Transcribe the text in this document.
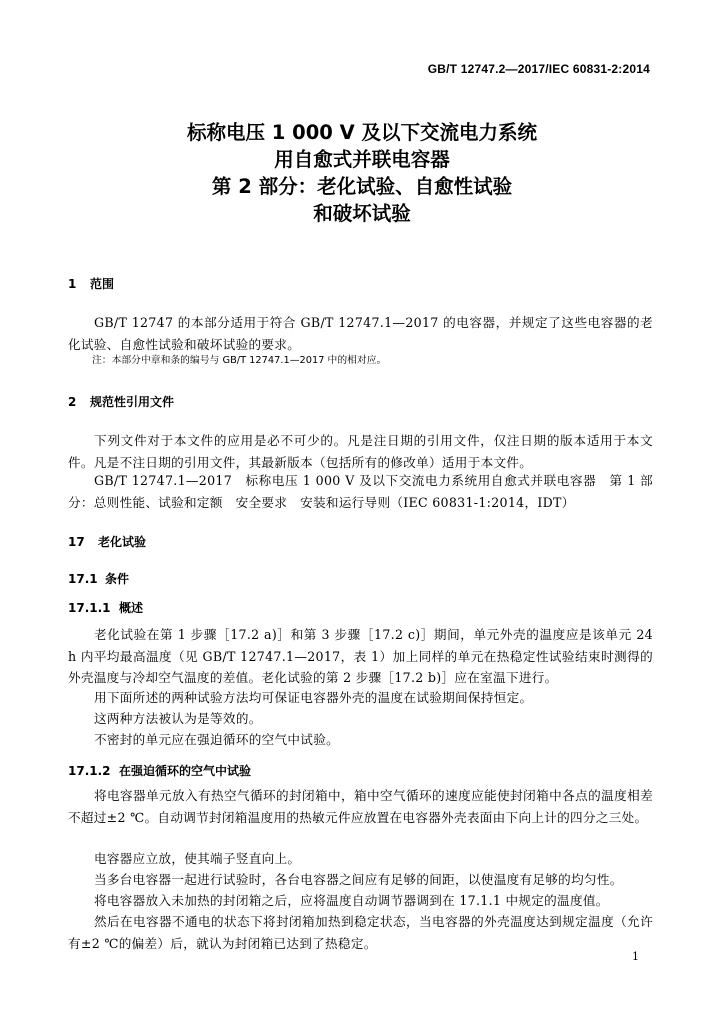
GB/T 12747.2—2017/IEC 60831-2:2014
标称电压 1 000 V 及以下交流电力系统
用自愈式并联电容器
第 2 部分：老化试验、自愈性试验
和破坏试验
1 范围

GB/T 12747 的本部分适用于符合 GB/T 12747.1—2017 的电容器，并规定了这些电容器的老化试验、自愈性试验和破坏试验的要求。

注：本部分中章和条的编号与 GB/T 12747.1—2017 中的相对应。
2 规范性引用文件

下列文件对于本文件的应用是必不可少的。凡是注日期的引用文件，仅注日期的版本适用于本文件。凡是不注日期的引用文件，其最新版本（包括所有的修改单）适用于本文件。

GB/T 12747.1—2017　标称电压 1 000 V 及以下交流电力系统用自愈式并联电容器　第 1 部分：总则性能、试验和定额　安全要求　安装和运行导则（IEC 60831-1:2014，IDT）

17 老化试验
17.1 条件
17.1.1 概述

老化试验在第 1 步骤［17.2 a)］和第 3 步骤［17.2 c)］期间，单元外壳的温度应是该单元 24 h 内平均最高温度（见 GB/T 12747.1—2017，表 1）加上同样的单元在热稳定性试验结束时测得的外壳温度与冷却空气温度的差值。老化试验的第 2 步骤［17.2 b)］应在室温下进行。

用下面所述的两种试验方法均可保证电容器外壳的温度在试验期间保持恒定。

这两种方法被认为是等效的。

不密封的单元应在强迫循环的空气中试验。

17.1.2 在强迫循环的空气中试验

将电容器单元放入有热空气循环的封闭箱中，箱中空气循环的速度应能使封闭箱中各点的温度相差不超过±2 ℃。自动调节封闭箱温度用的热敏元件应放置在电容器外壳表面由下向上计的四分之三处。

电容器应立放，使其端子竖直向上。

当多台电容器一起进行试验时，各台电容器之间应有足够的间距，以使温度有足够的均匀性。

将电容器放入未加热的封闭箱之后，应将温度自动调节器调到在 17.1.1 中规定的温度值。

然后在电容器不通电的状态下将封闭箱加热到稳定状态，当电容器的外壳温度达到规定温度（允许有±2 ℃的偏差）后，就认为封闭箱已达到了热稳定。

1
